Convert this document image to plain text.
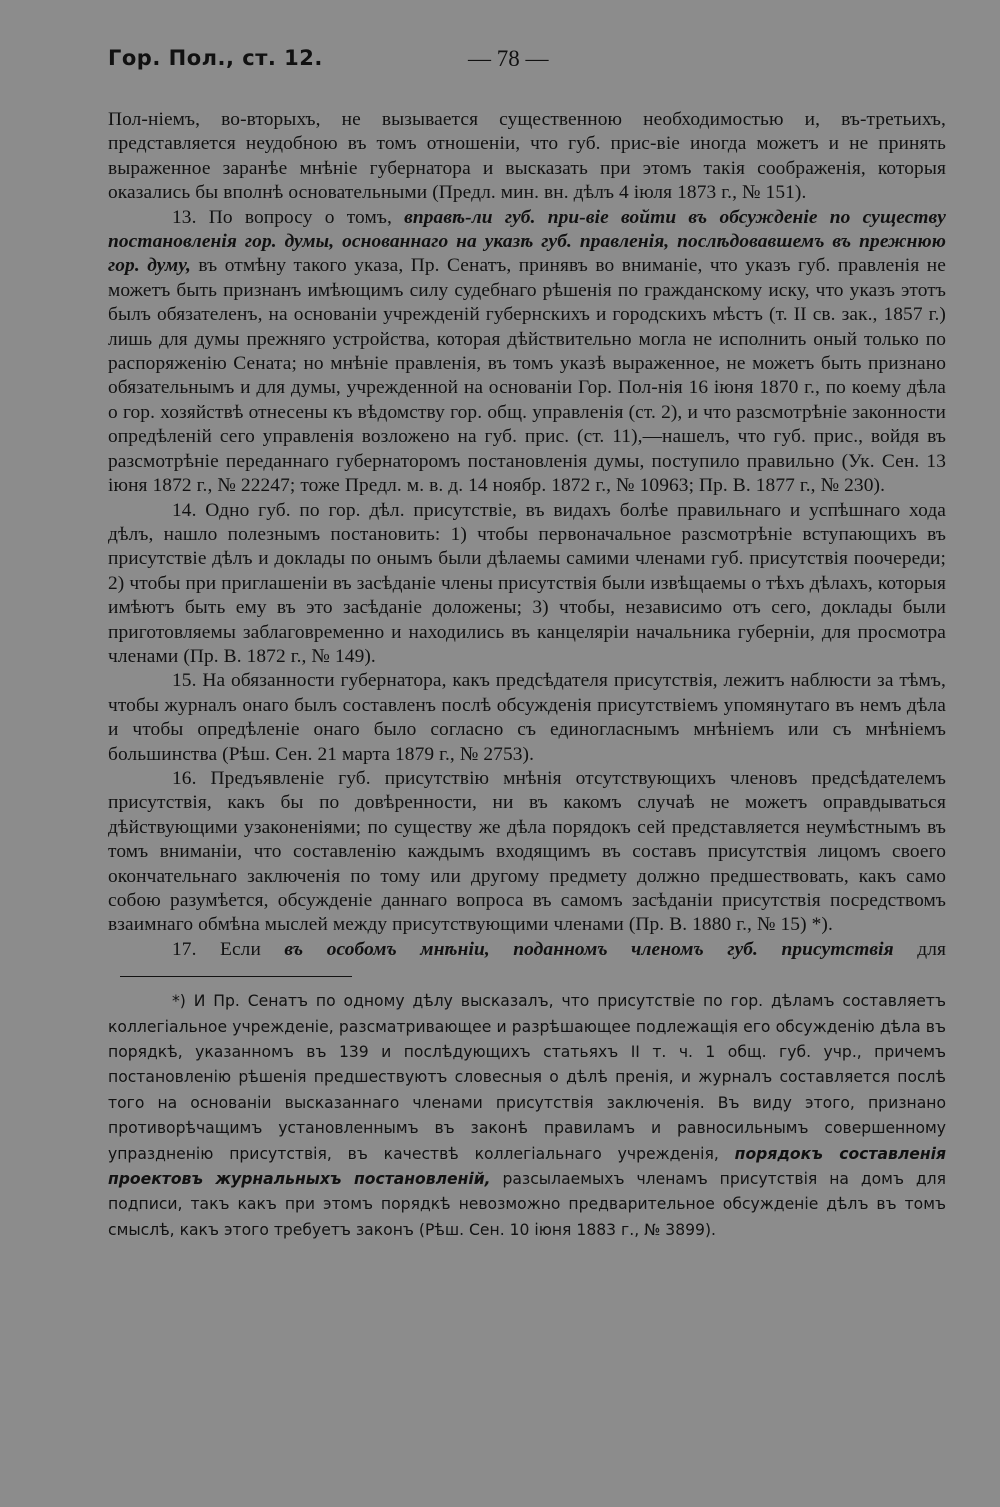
Гор. Пол., ст. 12.	— 78 —

Пол-ніемъ, во-вторыхъ, не вызывается существенною необходимостью и, въ-третьихъ, представляется неудобною въ томъ отношеніи, что губ. прис-віе иногда можетъ и не принять выраженное заранѣе мнѣніе губернатора и высказать при этомъ такія соображенія, которыя оказались бы вполнѣ основательными (Предл. мин. вн. дѣлъ 4 іюля 1873 г., № 151).

13. По вопросу о томъ, вправѣ-ли губ. при-віе войти въ обсужденіе по существу постановленія гор. думы, основаннаго на указѣ губ. правленія, послѣдовавшемъ въ прежнюю гор. думу, въ отмѣну такого указа, Пр. Сенатъ, принявъ во вниманіе, что указъ губ. правленія не можетъ быть признанъ имѣющимъ силу судебнаго рѣшенія по гражданскому иску, что указъ этотъ былъ обязателенъ, на основаніи учрежденій губернскихъ и городскихъ мѣстъ (т. II св. зак., 1857 г.) лишь для думы прежняго устройства, которая дѣйствительно могла не исполнить оный только по распоряженію Сената; но мнѣніе правленія, въ томъ указѣ выраженное, не можетъ быть признано обязательнымъ и для думы, учрежденной на основаніи Гор. Пол-нія 16 іюня 1870 г., по коему дѣла о гор. хозяйствѣ отнесены къ вѣдомству гор. общ. управленія (ст. 2), и что разсмотрѣніе законности опредѣленій сего управленія возложено на губ. прис. (ст. 11),—нашелъ, что губ. прис., войдя въ разсмотрѣніе переданнаго губернаторомъ постановленія думы, поступило правильно (Ук. Сен. 13 іюня 1872 г., № 22247; тоже Предл. м. в. д. 14 ноябр. 1872 г., № 10963; Пр. В. 1877 г., № 230).

14. Одно губ. по гор. дѣл. присутствіе, въ видахъ болѣе правильнаго и успѣшнаго хода дѣлъ, нашло полезнымъ постановить: 1) чтобы первоначальное разсмотрѣніе вступающихъ въ присутствіе дѣлъ и доклады по онымъ были дѣлаемы самими членами губ. присутствія поочереди; 2) чтобы при приглашеніи въ засѣданіе члены присутствія были извѣщаемы о тѣхъ дѣлахъ, которыя имѣютъ быть ему въ это засѣданіе доложены; 3) чтобы, независимо отъ сего, доклады были приготовляемы заблаговременно и находились въ канцеляріи начальника губерніи, для просмотра членами (Пр. В. 1872 г., № 149).

15. На обязанности губернатора, какъ предсѣдателя присутствія, лежитъ наблюсти за тѣмъ, чтобы журналъ онаго былъ составленъ послѣ обсужденія присутствіемъ упомянутаго въ немъ дѣла и чтобы опредѣленіе онаго было согласно съ единогласнымъ мнѣніемъ или съ мнѣніемъ большинства (Рѣш. Сен. 21 марта 1879 г., № 2753).

16. Предъявленіе губ. присутствію мнѣнія отсутствующихъ членовъ предсѣдателемъ присутствія, какъ бы по довѣренности, ни въ какомъ случаѣ не можетъ оправдываться дѣйствующими узаконеніями; по существу же дѣла порядокъ сей представляется неумѣстнымъ въ томъ вниманіи, что составленію каждымъ входящимъ въ составъ присутствія лицомъ своего окончательнаго заключенія по тому или другому предмету должно предшествовать, какъ само собою разумѣется, обсужденіе даннаго вопроса въ самомъ засѣданіи присутствія посредствомъ взаимнаго обмѣна мыслей между присутствующими членами (Пр. В. 1880 г., № 15) *).

17. Если въ особомъ мнѣніи, поданномъ членомъ губ. присутствія для

*) И Пр. Сенатъ по одному дѣлу высказалъ, что присутствіе по гор. дѣламъ составляетъ коллегіальное учрежденіе, разсматривающее и разрѣшающее подлежащія его обсужденію дѣла въ порядкѣ, указанномъ въ 139 и послѣдующихъ статьяхъ II т. ч. 1 общ. губ. учр., причемъ постановленію рѣшенія предшествуютъ словесныя о дѣлѣ пренія, и журналъ составляется послѣ того на основаніи высказаннаго членами присутствія заключенія. Въ виду этого, признано противорѣчащимъ установленнымъ въ законѣ правиламъ и равносильнымъ совершенному упраздненію присутствія, въ качествѣ коллегіальнаго учрежденія, порядокъ составленія проектовъ журнальныхъ постановленій, разсылаемыхъ членамъ присутствія на домъ для подписи, такъ какъ при этомъ порядкѣ невозможно предварительное обсужденіе дѣлъ въ томъ смыслѣ, какъ этого требуетъ законъ (Рѣш. Сен. 10 іюня 1883 г., № 3899).
